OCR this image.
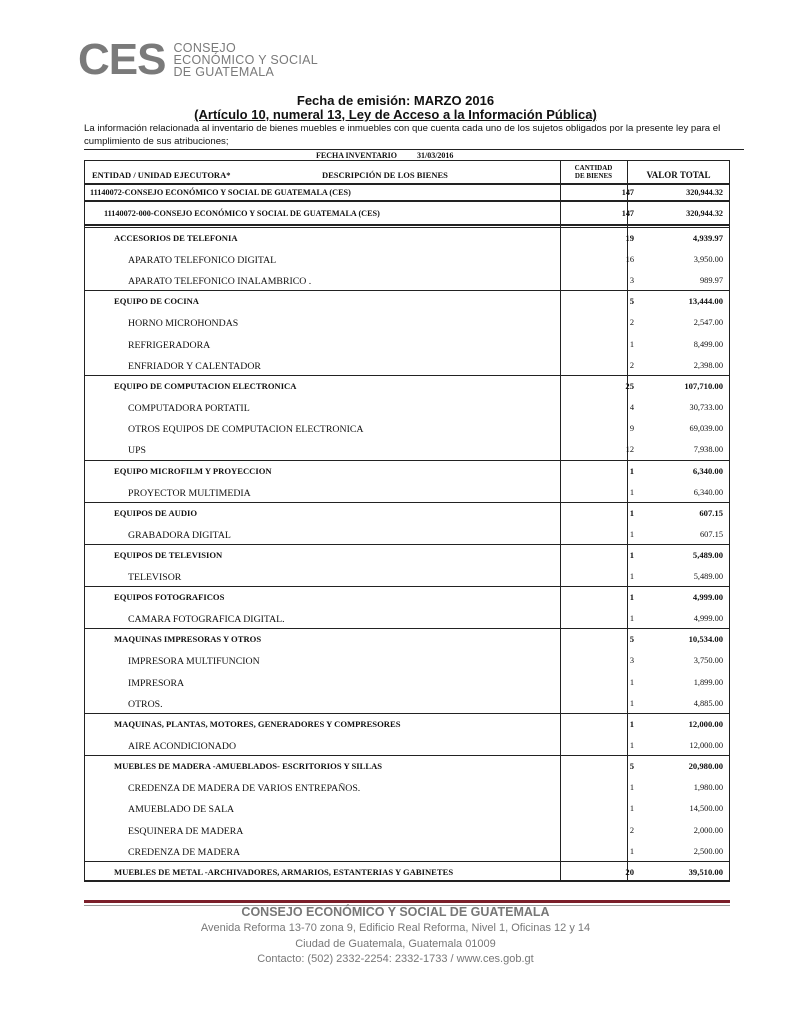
CES CONSEJO
ECONÓMICO Y SOCIAL
DE GUATEMALA
Fecha de emisión: MARZO 2016
(Artículo 10, numeral 13, Ley de Acceso a la Información Pública)
La información relacionada al inventario de bienes muebles e inmuebles con que cuenta cada uno de los sujetos obligados por la presente ley para el cumplimiento de sus atribuciones;
FECHA INVENTARIO	31/03/2016
ENTIDAD / UNIDAD EJECUTORA*	DESCRIPCIÓN DE LOS BIENES
CANTIDAD
DE BIENES	VALOR TOTAL
11140072-CONSEJO ECONÓMICO Y SOCIAL DE GUATEMALA (CES)	147	320,944.32
11140072-000-CONSEJO ECONÓMICO Y SOCIAL DE GUATEMALA (CES)	147	320,944.32
ACCESORIOS DE TELEFONIA	19	4,939.97
APARATO TELEFONICO DIGITAL	16	3,950.00
APARATO TELEFONICO INALAMBRICO .	3	989.97
EQUIPO DE COCINA	5	13,444.00
HORNO MICROHONDAS	2	2,547.00
REFRIGERADORA	1	8,499.00
ENFRIADOR Y CALENTADOR	2	2,398.00
EQUIPO DE COMPUTACION ELECTRONICA	25	107,710.00
COMPUTADORA PORTATIL	4	30,733.00
OTROS EQUIPOS DE COMPUTACION ELECTRONICA	9	69,039.00
UPS	12	7,938.00
EQUIPO MICROFILM Y PROYECCION	1	6,340.00
PROYECTOR MULTIMEDIA	1	6,340.00
EQUIPOS DE AUDIO	1	607.15
GRABADORA DIGITAL	1	607.15
EQUIPOS DE TELEVISION	1	5,489.00
TELEVISOR	1	5,489.00
EQUIPOS FOTOGRAFICOS	1	4,999.00
CAMARA FOTOGRAFICA DIGITAL.	1	4,999.00
MAQUINAS IMPRESORAS Y OTROS	5	10,534.00
IMPRESORA MULTIFUNCION	3	3,750.00
IMPRESORA	1	1,899.00
OTROS.	1	4,885.00
MAQUINAS, PLANTAS, MOTORES, GENERADORES Y COMPRESORES	1	12,000.00
AIRE ACONDICIONADO	1	12,000.00
MUEBLES DE MADERA -AMUEBLADOS- ESCRITORIOS Y SILLAS	5	20,980.00
CREDENZA DE MADERA DE VARIOS ENTREPAÑOS.	1	1,980.00
AMUEBLADO DE SALA	1	14,500.00
ESQUINERA DE MADERA	2	2,000.00
CREDENZA DE MADERA	1	2,500.00
MUEBLES DE METAL -ARCHIVADORES, ARMARIOS, ESTANTERIAS Y GABINETES	20	39,510.00
CONSEJO ECONÓMICO Y SOCIAL DE GUATEMALA
Avenida Reforma 13-70 zona 9, Edificio Real Reforma, Nivel 1, Oficinas 12 y 14
Ciudad de Guatemala, Guatemala 01009
Contacto: (502) 2332-2254: 2332-1733 / www.ces.gob.gt
